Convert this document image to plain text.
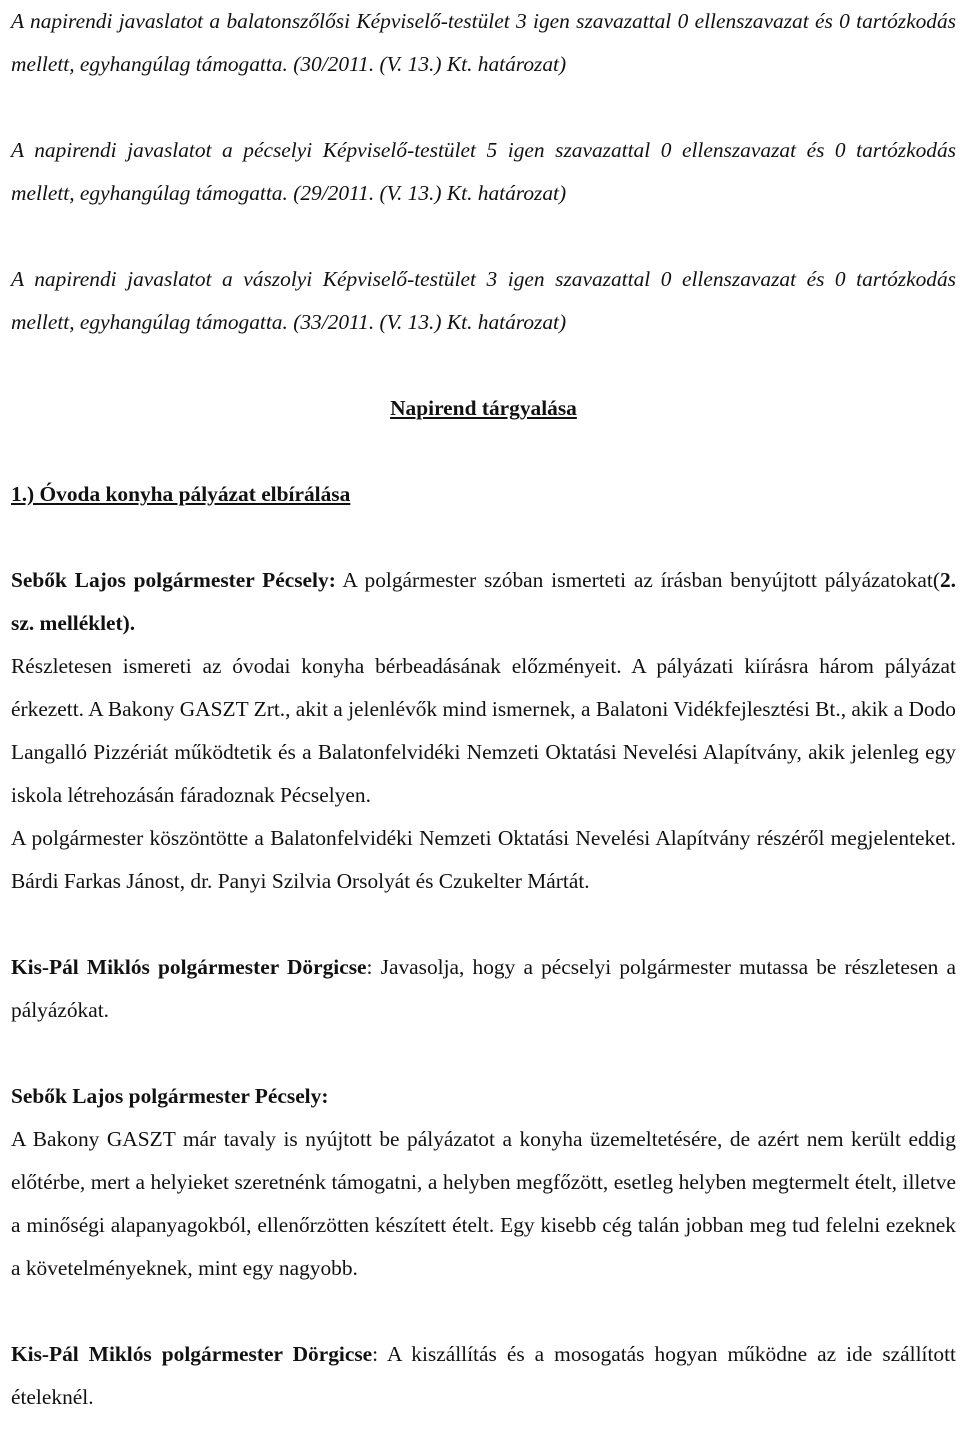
A napirendi javaslatot a balatonszőlősi Képviselő-testület 3 igen szavazattal 0 ellenszavazat és 0 tartózkodás mellett, egyhangúlag támogatta. (30/2011. (V. 13.) Kt. határozat)

A napirendi javaslatot a pécselyi Képviselő-testület 5 igen szavazattal 0 ellenszavazat és 0 tartózkodás mellett, egyhangúlag támogatta. (29/2011. (V. 13.) Kt. határozat)

A napirendi javaslatot a vászolyi Képviselő-testület 3 igen szavazattal 0 ellenszavazat és 0 tartózkodás mellett, egyhangúlag támogatta. (33/2011. (V. 13.) Kt. határozat)

Napirend tárgyalása

1.) Óvoda konyha pályázat elbírálása

Sebők Lajos polgármester Pécsely: A polgármester szóban ismerteti az írásban benyújtott pályázatokat(2. sz. melléklet).

Részletesen ismereti az óvodai konyha bérbeadásának előzményeit. A pályázati kiírásra három pályázat érkezett. A Bakony GASZT Zrt., akit a jelenlévők mind ismernek, a Balatoni Vidékfejlesztési Bt., akik a Dodo Langalló Pizzériát működtetik és a Balatonfelvidéki Nemzeti Oktatási Nevelési Alapítvány, akik jelenleg egy iskola létrehozásán fáradoznak Pécselyen.

A polgármester köszöntötte a Balatonfelvidéki Nemzeti Oktatási Nevelési Alapítvány részéről megjelenteket. Bárdi Farkas Jánost, dr. Panyi Szilvia Orsolyát és Czukelter Mártát.

Kis-Pál Miklós polgármester Dörgicse: Javasolja, hogy a pécselyi polgármester mutassa be részletesen a pályázókat.

Sebők Lajos polgármester Pécsely:

A Bakony GASZT már tavaly is nyújtott be pályázatot a konyha üzemeltetésére, de azért nem került eddig előtérbe, mert a helyieket szeretnénk támogatni, a helyben megfőzött, esetleg helyben megtermelt ételt, illetve a minőségi alapanyagokból, ellenőrzötten készített ételt. Egy kisebb cég talán jobban meg tud felelni ezeknek a követelményeknek, mint egy nagyobb.

Kis-Pál Miklós polgármester Dörgicse: A kiszállítás és a mosogatás hogyan működne az ide szállított ételeknél.
